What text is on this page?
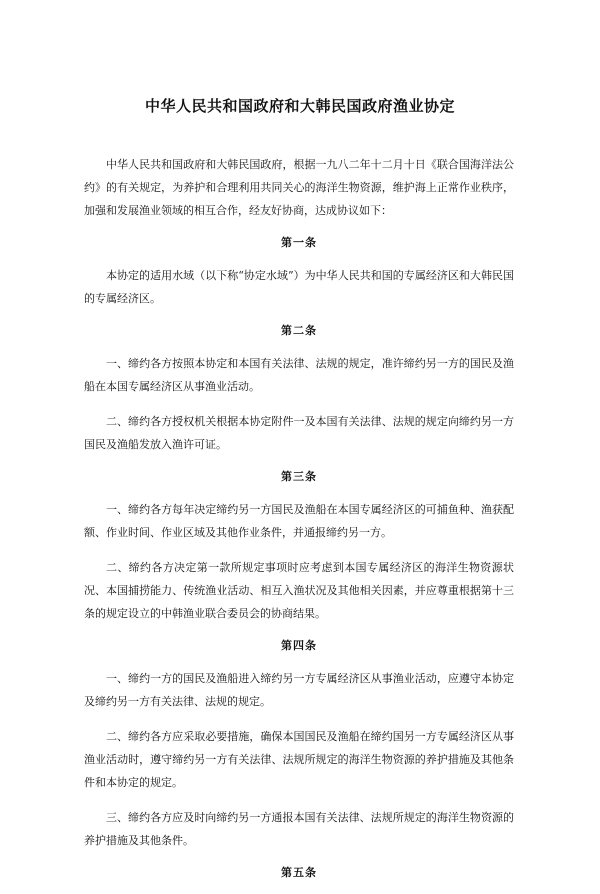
中华人民共和国政府和大韩民国政府渔业协定

中华人民共和国政府和大韩民国政府，根据一九八二年十二月十日《联合国海洋法公约》的有关规定，为养护和合理利用共同关心的海洋生物资源，维护海上正常作业秩序，加强和发展渔业领域的相互合作，经友好协商，达成协议如下：

第一条

本协定的适用水域（以下称“协定水域”）为中华人民共和国的专属经济区和大韩民国的专属经济区。

第二条

一、缔约各方按照本协定和本国有关法律、法规的规定，准许缔约另一方的国民及渔船在本国专属经济区从事渔业活动。

二、缔约各方授权机关根据本协定附件一及本国有关法律、法规的规定向缔约另一方国民及渔船发放入渔许可证。

第三条

一、缔约各方每年决定缔约另一方国民及渔船在本国专属经济区的可捕鱼种、渔获配额、作业时间、作业区域及其他作业条件，并通报缔约另一方。

二、缔约各方决定第一款所规定事项时应考虑到本国专属经济区的海洋生物资源状况、本国捕捞能力、传统渔业活动、相互入渔状况及其他相关因素，并应尊重根据第十三条的规定设立的中韩渔业联合委员会的协商结果。

第四条

一、缔约一方的国民及渔船进入缔约另一方专属经济区从事渔业活动，应遵守本协定及缔约另一方有关法律、法规的规定。

二、缔约各方应采取必要措施，确保本国国民及渔船在缔约国另一方专属经济区从事渔业活动时，遵守缔约另一方有关法律、法规所规定的海洋生物资源的养护措施及其他条件和本协定的规定。

三、缔约各方应及时向缔约另一方通报本国有关法律、法规所规定的海洋生物资源的养护措施及其他条件。

第五条
